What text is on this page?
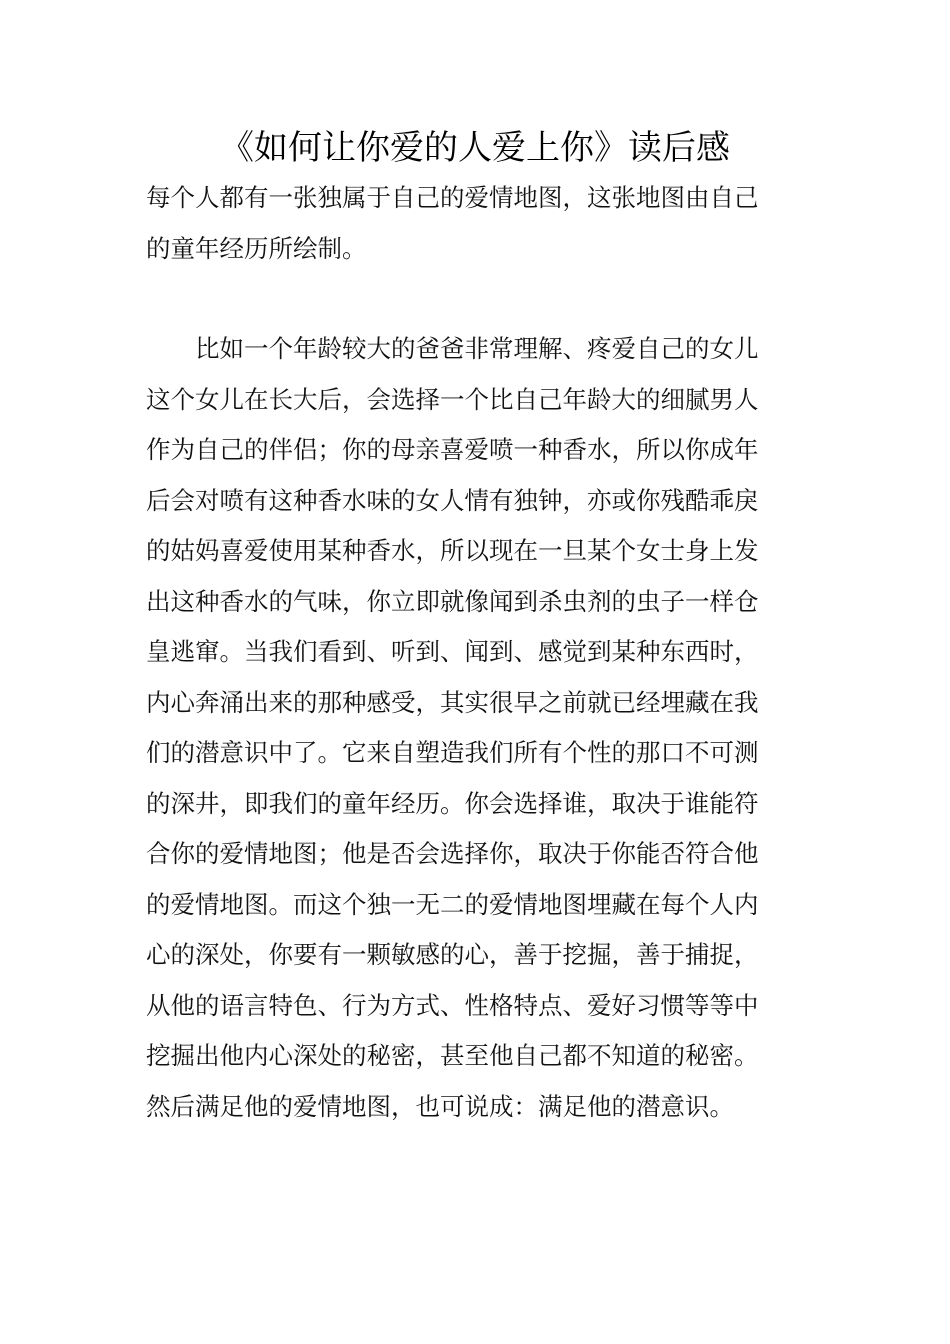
《如何让你爱的人爱上你》读后感
每个人都有一张独属于自己的爱情地图，这张地图由自己
的童年经历所绘制。
　　比如一个年龄较大的爸爸非常理解、疼爱自己的女儿
这个女儿在长大后，会选择一个比自己年龄大的细腻男人
作为自己的伴侣；你的母亲喜爱喷一种香水，所以你成年
后会对喷有这种香水味的女人情有独钟，亦或你残酷乖戾
的姑妈喜爱使用某种香水，所以现在一旦某个女士身上发
出这种香水的气味，你立即就像闻到杀虫剂的虫子一样仓
皇逃窜。当我们看到、听到、闻到、感觉到某种东西时，
内心奔涌出来的那种感受，其实很早之前就已经埋藏在我
们的潜意识中了。它来自塑造我们所有个性的那口不可测
的深井，即我们的童年经历。你会选择谁，取决于谁能符
合你的爱情地图；他是否会选择你，取决于你能否符合他
的爱情地图。而这个独一无二的爱情地图埋藏在每个人内
心的深处，你要有一颗敏感的心，善于挖掘，善于捕捉，
从他的语言特色、行为方式、性格特点、爱好习惯等等中
挖掘出他内心深处的秘密，甚至他自己都不知道的秘密。
然后满足他的爱情地图，也可说成：满足他的潜意识。
